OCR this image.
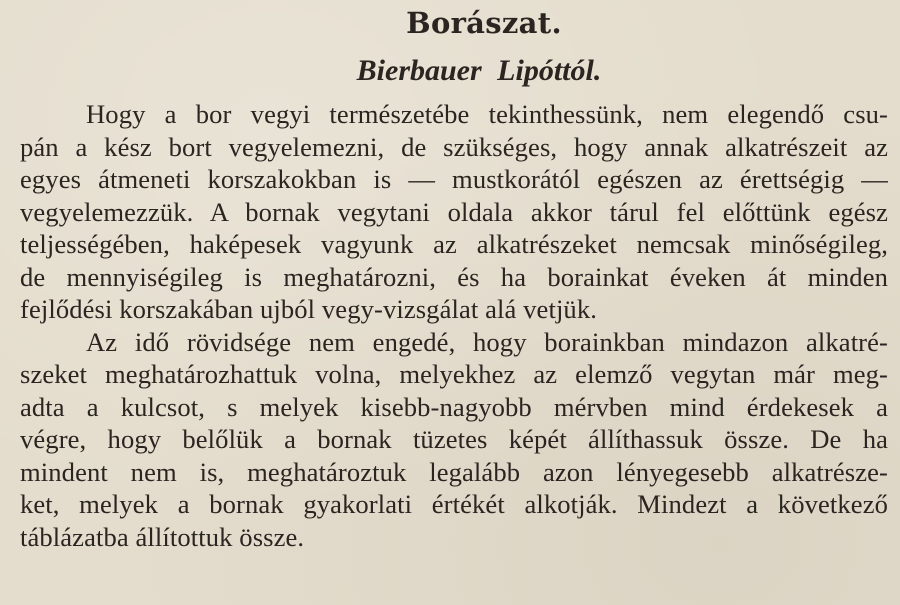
Borászat.
Bierbauer Lipóttól.

Hogy a bor vegyi természetébe tekinthessünk, nem elegendő csu-

pán a kész bort vegyelemezni, de szükséges, hogy annak alkatrészeit az

egyes átmeneti korszakokban is — mustkorától egészen az érettségig —

vegyelemezzük. A bornak vegytani oldala akkor tárul fel előttünk egész

teljességében, haképesek vagyunk az alkatrészeket nemcsak minőségileg,

de mennyiségileg is meghatározni, és ha borainkat éveken át minden

fejlődési korszakában ujból vegy-vizsgálat alá vetjük.

Az idő rövidsége nem engedé, hogy borainkban mindazon alkatré-

szeket meghatározhattuk volna, melyekhez az elemző vegytan már meg-

adta a kulcsot, s melyek kisebb-nagyobb mérvben mind érdekesek a

végre, hogy belőlük a bornak tüzetes képét állíthassuk össze. De ha

mindent nem is, meghatároztuk legalább azon lényegesebb alkatrésze-

ket, melyek a bornak gyakorlati értékét alkotják. Mindezt a következő

táblázatba állítottuk össze.
